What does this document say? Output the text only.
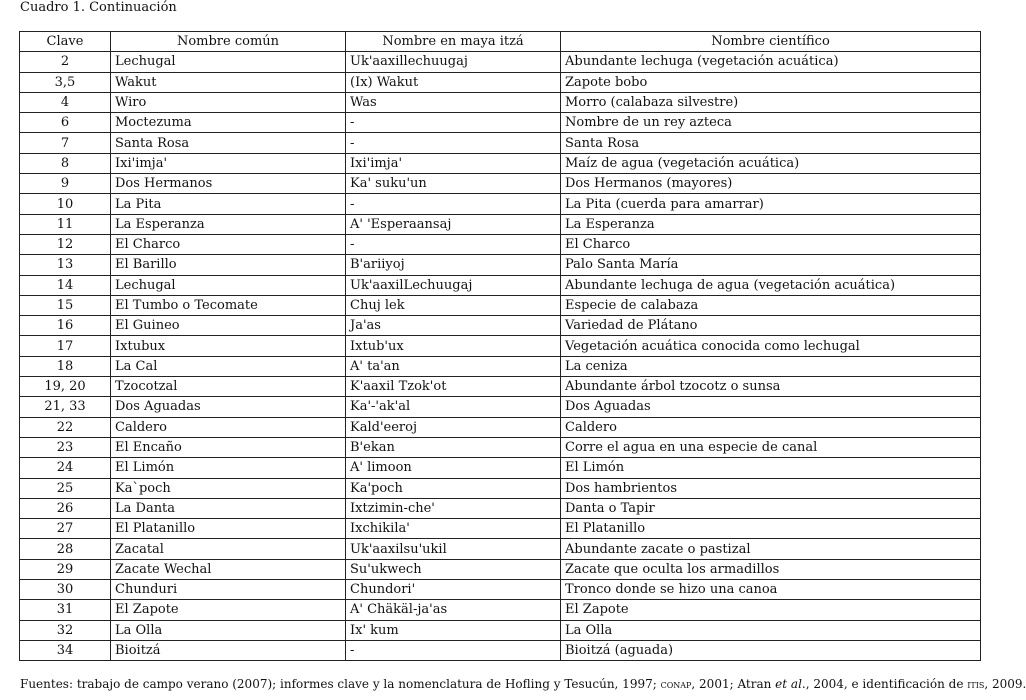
Cuadro 1. Continuación
Clave	Nombre común	Nombre en maya itzá	Nombre científico
2	Lechugal	Uk'aaxillechuugaj	Abundante lechuga (vegetación acuática)
3,5	Wakut	(Ix) Wakut	Zapote bobo
4	Wiro	Was	Morro (calabaza silvestre)
6	Moctezuma	-	Nombre de un rey azteca
7	Santa Rosa	-	Santa Rosa
8	Ixi'imja'	Ixi'imja'	Maíz de agua (vegetación acuática)
9	Dos Hermanos	Ka' suku'un	Dos Hermanos (mayores)
10	La Pita	-	La Pita (cuerda para amarrar)
11	La Esperanza	A' 'Esperaansaj	La Esperanza
12	El Charco	-	El Charco
13	El Barillo	B'ariiyoj	Palo Santa María
14	Lechugal	Uk'aaxilLechuugaj	Abundante lechuga de agua (vegetación acuática)
15	El Tumbo o Tecomate	Chuj lek	Especie de calabaza
16	El Guineo	Ja'as	Variedad de Plátano
17	Ixtubux	Ixtub'ux	Vegetación acuática conocida como lechugal
18	La Cal	A' ta'an	La ceniza
19, 20	Tzocotzal	K'aaxil Tzok'ot	Abundante árbol tzocotz o sunsa
21, 33	Dos Aguadas	Ka'-'ak'al	Dos Aguadas
22	Caldero	Kald'eeroj	Caldero
23	El Encaño	B'ekan	Corre el agua en una especie de canal
24	El Limón	A' limoon	El Limón
25	Ka`poch	Ka'poch	Dos hambrientos
26	La Danta	Ixtzimin-che'	Danta o Tapir
27	El Platanillo	Ixchikila'	El Platanillo
28	Zacatal	Uk'aaxilsu'ukil	Abundante zacate o pastizal
29	Zacate Wechal	Su'ukwech	Zacate que oculta los armadillos
30	Chunduri	Chundori'	Tronco donde se hizo una canoa
31	El Zapote	A' Chäkäl-ja'as	El Zapote
32	La Olla	Ix' kum	La Olla
34	Bioitzá	-	Bioitzá (aguada)
Fuentes: trabajo de campo verano (2007); informes clave y la nomenclatura de Hofling y Tesucún, 1997; conap, 2001; Atran et al., 2004, e identificación de itis, 2009.
